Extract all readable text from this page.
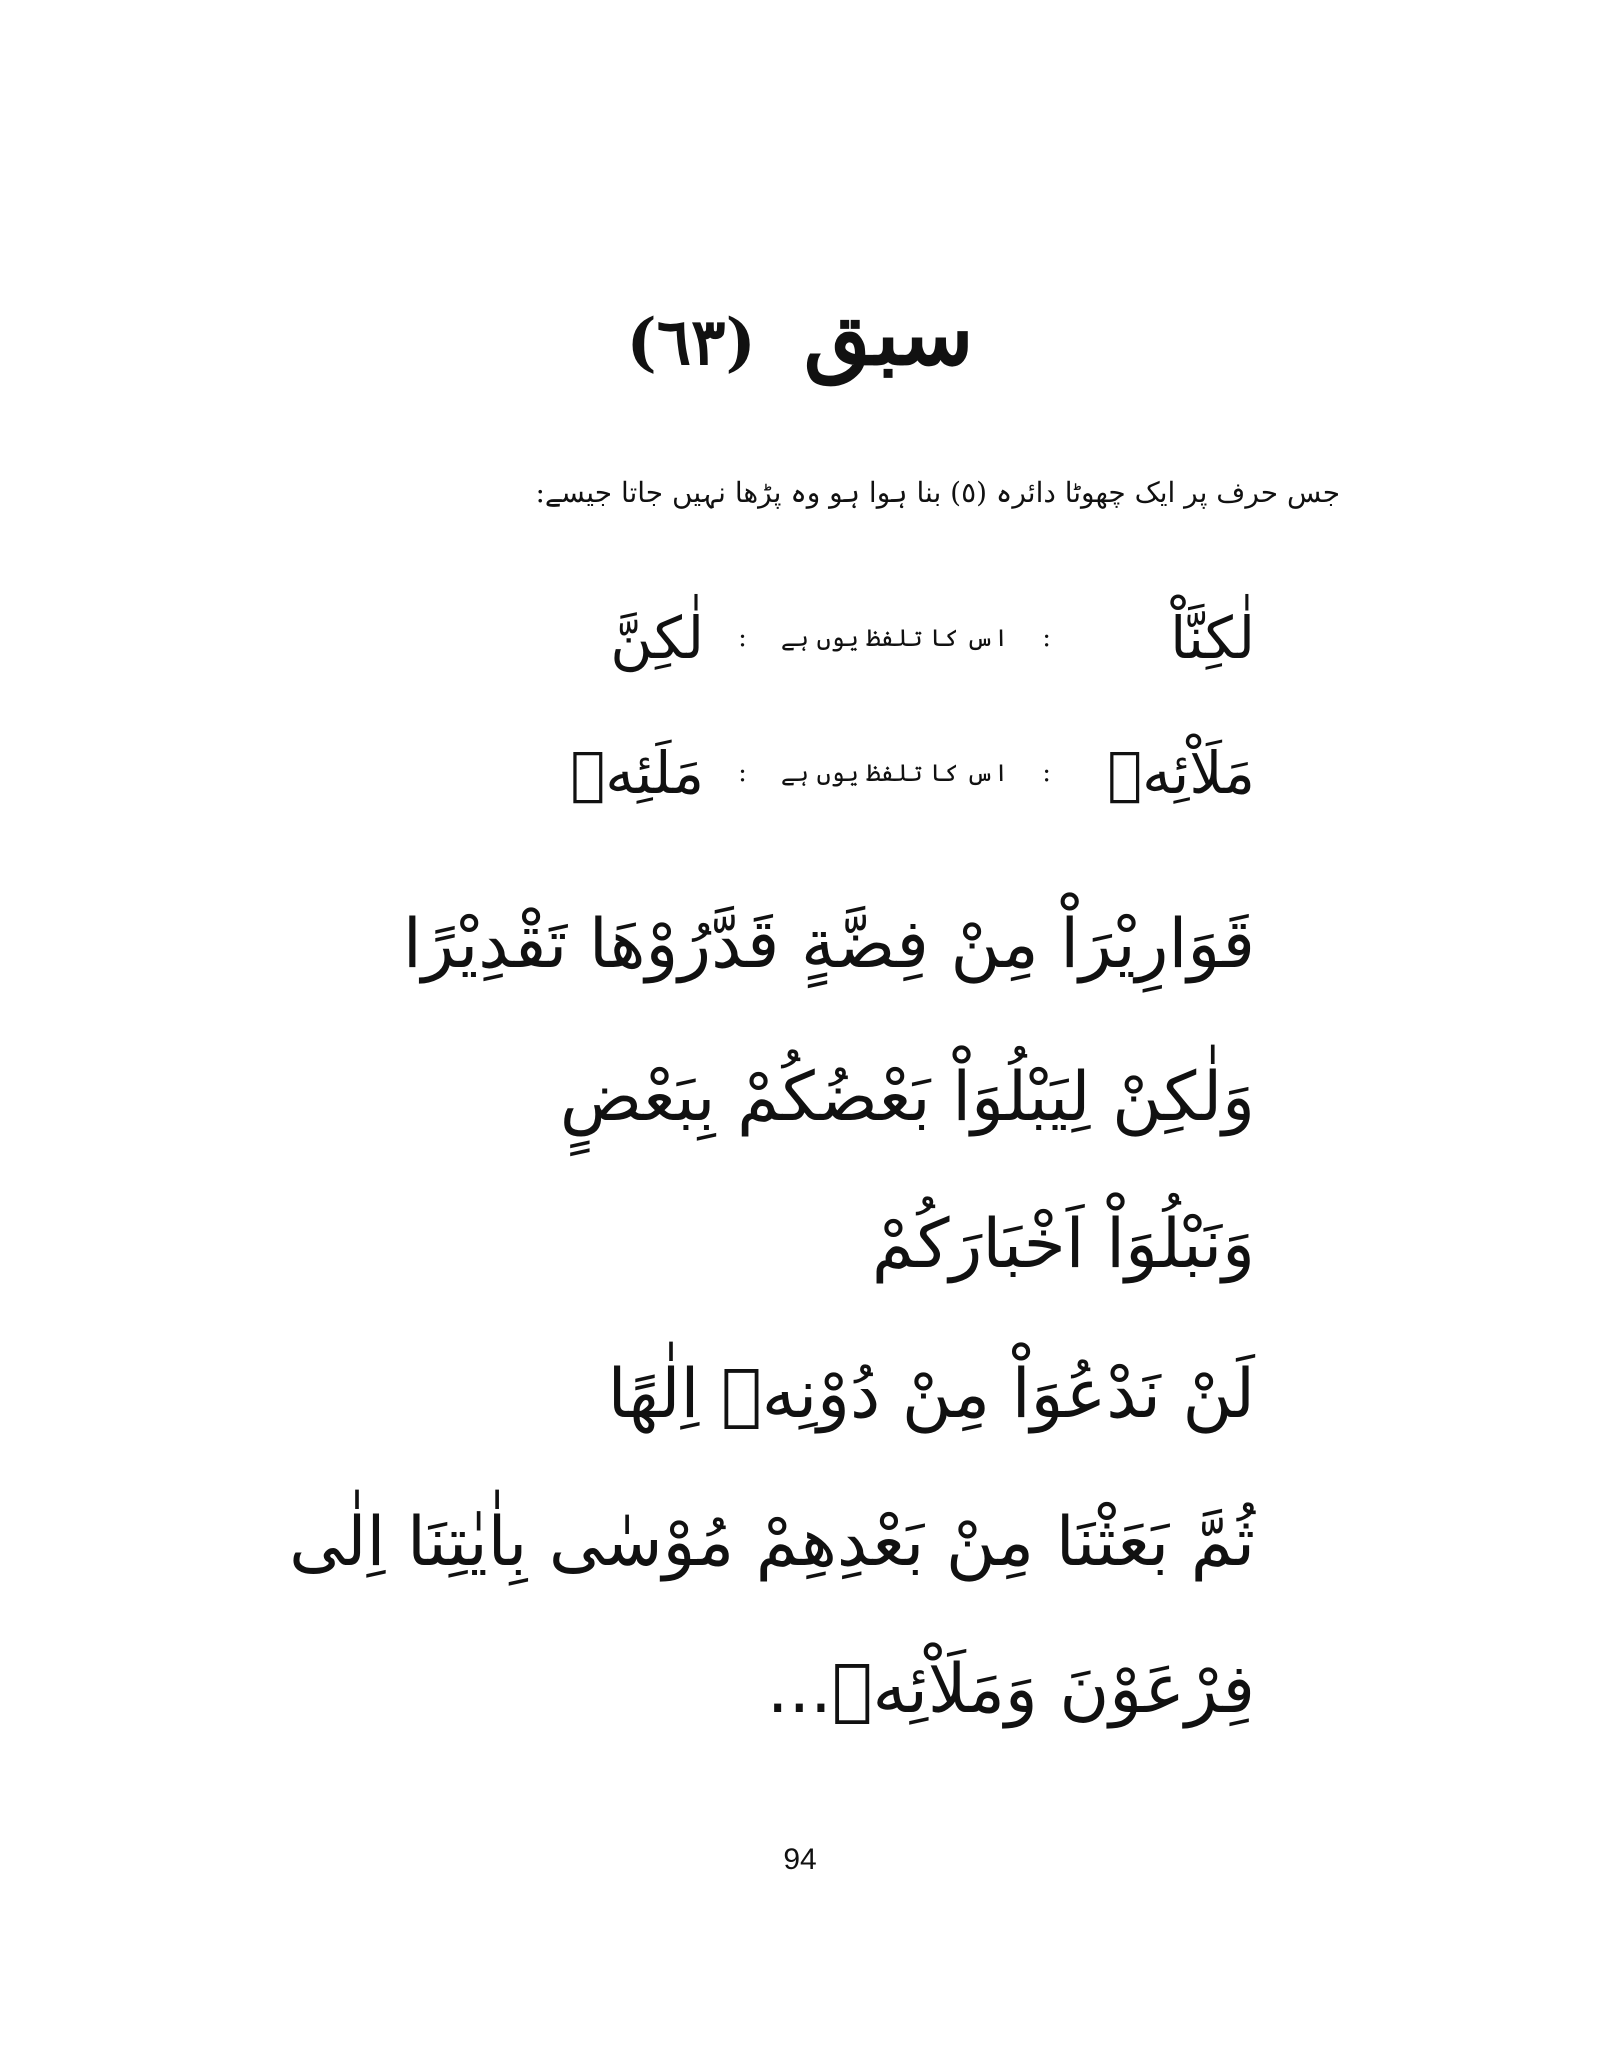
سبق (٦٣)
جس حرف پر ایک چھوٹا دائرہ (٥) بنا ہوا ہو وہ پڑھا نہیں جاتا جیسے:
لٰكِنَّاْ
:
اس کا تلفظ یوں ہے
:
لٰكِنَّ
مَلَاْئِهٖ
:
اس کا تلفظ یوں ہے
:
مَلَئِهٖ
قَوَارِيْرَاْ مِنْ فِضَّةٍ قَدَّرُوْهَا تَقْدِيْرًا
وَلٰكِنْ لِيَبْلُوَاْ بَعْضُكُمْ بِبَعْضٍ
وَنَبْلُوَاْ اَخْبَارَكُمْ
لَنْ نَدْعُوَاْ مِنْ دُوْنِهٖ اِلٰهًا
ثُمَّ بَعَثْنَا مِنْ بَعْدِهِمْ مُوْسٰى بِاٰيٰتِنَا اِلٰى
فِرْعَوْنَ وَمَلَاْئِهٖ...
94
